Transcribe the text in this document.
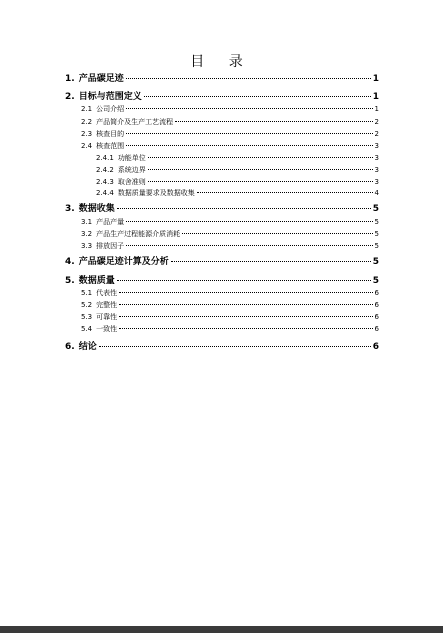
目 录
1. 产品碳足迹	1
2. 目标与范围定义	1
2.1 公司介绍	1
2.2 产品简介及生产工艺流程	2
2.3 核查目的	2
2.4 核查范围	3
2.4.1 功能单位	3
2.4.2 系统边界	3
2.4.3 取舍准则	3
2.4.4 数据质量要求及数据收集	4
3. 数据收集	5
3.1 产品产量	5
3.2 产品生产过程能源介质消耗	5
3.3 排放因子	5
4. 产品碳足迹计算及分析	5
5. 数据质量	5
5.1 代表性	6
5.2 完整性	6
5.3 可靠性	6
5.4 一致性	6
6. 结论	6
